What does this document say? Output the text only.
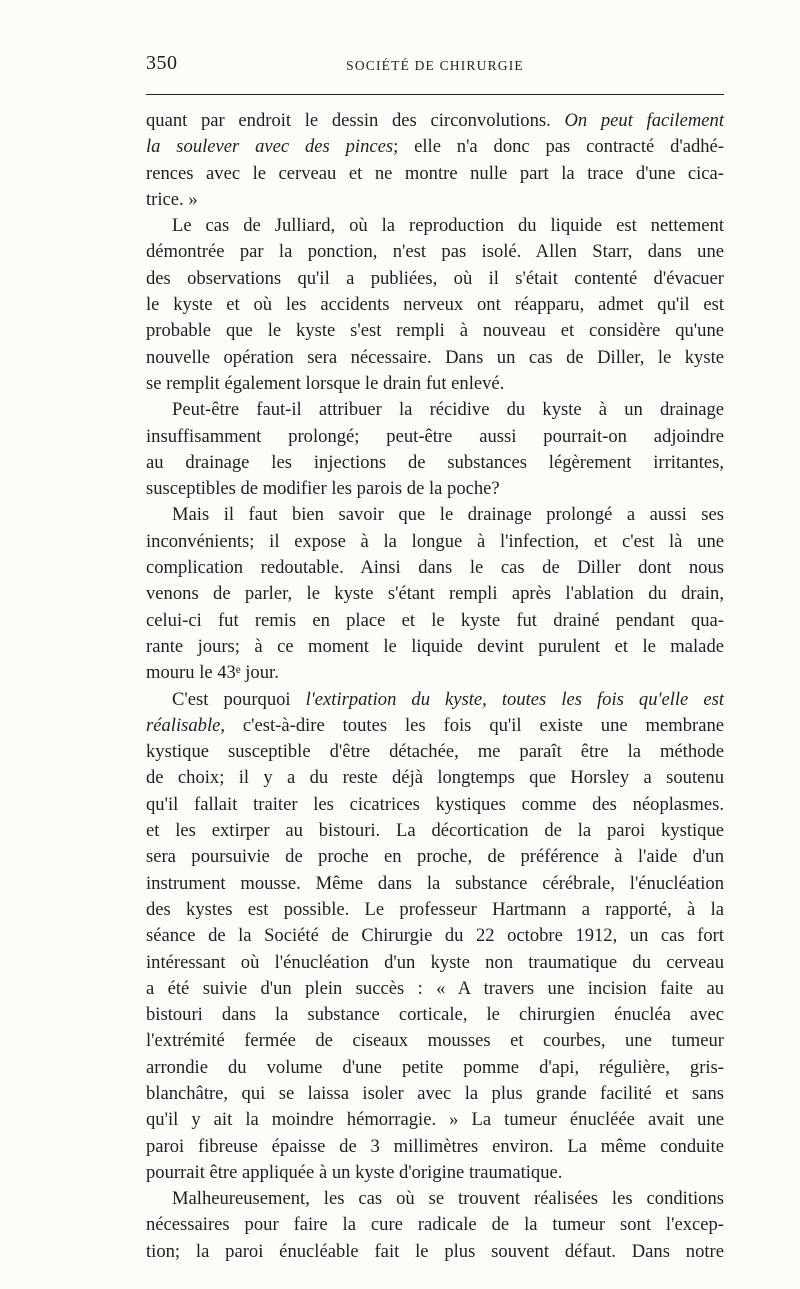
350	SOCIÉTÉ DE CHIRURGIE
quant par endroit le dessin des circonvolutions. On peut facilement
la soulever avec des pinces; elle n'a donc pas contracté d'adhé-
rences avec le cerveau et ne montre nulle part la trace d'une cica-
trice. »
Le cas de Julliard, où la reproduction du liquide est nettement
démontrée par la ponction, n'est pas isolé. Allen Starr, dans une
des observations qu'il a publiées, où il s'était contenté d'évacuer
le kyste et où les accidents nerveux ont réapparu, admet qu'il est
probable que le kyste s'est rempli à nouveau et considère qu'une
nouvelle opération sera nécessaire. Dans un cas de Diller, le kyste
se remplit également lorsque le drain fut enlevé.
Peut-être faut-il attribuer la récidive du kyste à un drainage
insuffisamment prolongé; peut-être aussi pourrait-on adjoindre
au drainage les injections de substances légèrement irritantes,
susceptibles de modifier les parois de la poche?
Mais il faut bien savoir que le drainage prolongé a aussi ses
inconvénients; il expose à la longue à l'infection, et c'est là une
complication redoutable. Ainsi dans le cas de Diller dont nous
venons de parler, le kyste s'étant rempli après l'ablation du drain,
celui-ci fut remis en place et le kyste fut drainé pendant qua-
rante jours; à ce moment le liquide devint purulent et le malade
mouru le 43ᵉ jour.
C'est pourquoi l'extirpation du kyste, toutes les fois qu'elle est
réalisable, c'est-à-dire toutes les fois qu'il existe une membrane
kystique susceptible d'être détachée, me paraît être la méthode
de choix; il y a du reste déjà longtemps que Horsley a soutenu
qu'il fallait traiter les cicatrices kystiques comme des néoplasmes.
et les extirper au bistouri. La décortication de la paroi kystique
sera poursuivie de proche en proche, de préférence à l'aide d'un
instrument mousse. Même dans la substance cérébrale, l'énucléation
des kystes est possible. Le professeur Hartmann a rapporté, à la
séance de la Société de Chirurgie du 22 octobre 1912, un cas fort
intéressant où l'énucléation d'un kyste non traumatique du cerveau
a été suivie d'un plein succès : « A travers une incision faite au
bistouri dans la substance corticale, le chirurgien énucléa avec
l'extrémité fermée de ciseaux mousses et courbes, une tumeur
arrondie du volume d'une petite pomme d'api, régulière, gris-
blanchâtre, qui se laissa isoler avec la plus grande facilité et sans
qu'il y ait la moindre hémorragie. » La tumeur énucléée avait une
paroi fibreuse épaisse de 3 millimètres environ. La même conduite
pourrait être appliquée à un kyste d'origine traumatique.
Malheureusement, les cas où se trouvent réalisées les conditions
nécessaires pour faire la cure radicale de la tumeur sont l'excep-
tion; la paroi énucléable fait le plus souvent défaut. Dans notre
